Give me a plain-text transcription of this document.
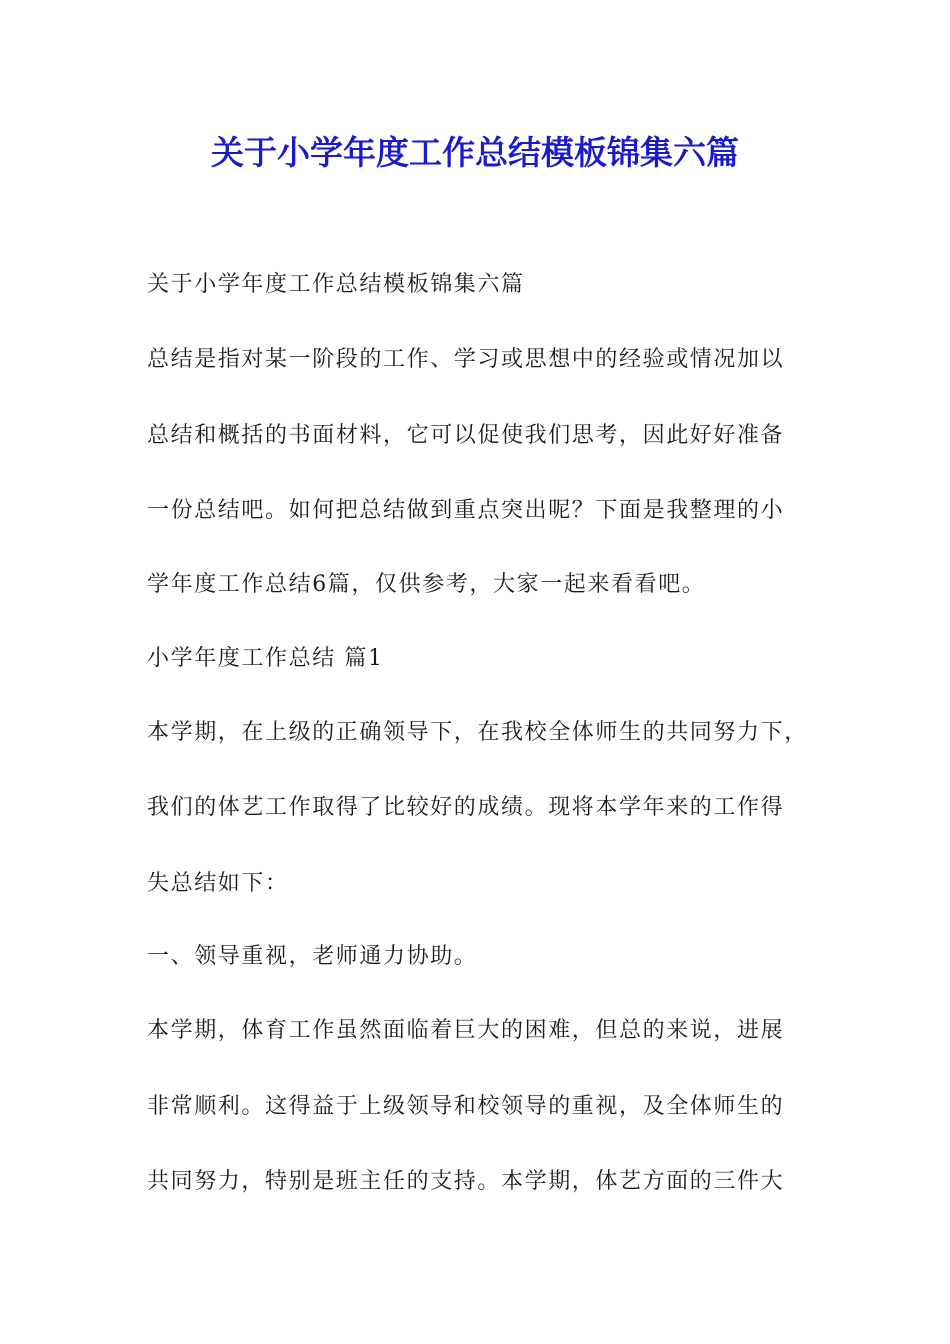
关于小学年度工作总结模板锦集六篇
关于小学年度工作总结模板锦集六篇
总结是指对某一阶段的工作、学习或思想中的经验或情况加以
总结和概括的书面材料，它可以促使我们思考，因此好好准备
一份总结吧。如何把总结做到重点突出呢？下面是我整理的小
学年度工作总结6篇，仅供参考，大家一起来看看吧。
小学年度工作总结 篇1
本学期，在上级的正确领导下，在我校全体师生的共同努力下，
我们的体艺工作取得了比较好的成绩。现将本学年来的工作得
失总结如下：
一、领导重视，老师通力协助。
本学期，体育工作虽然面临着巨大的困难，但总的来说，进展
非常顺利。这得益于上级领导和校领导的重视，及全体师生的
共同努力，特别是班主任的支持。本学期，体艺方面的三件大
